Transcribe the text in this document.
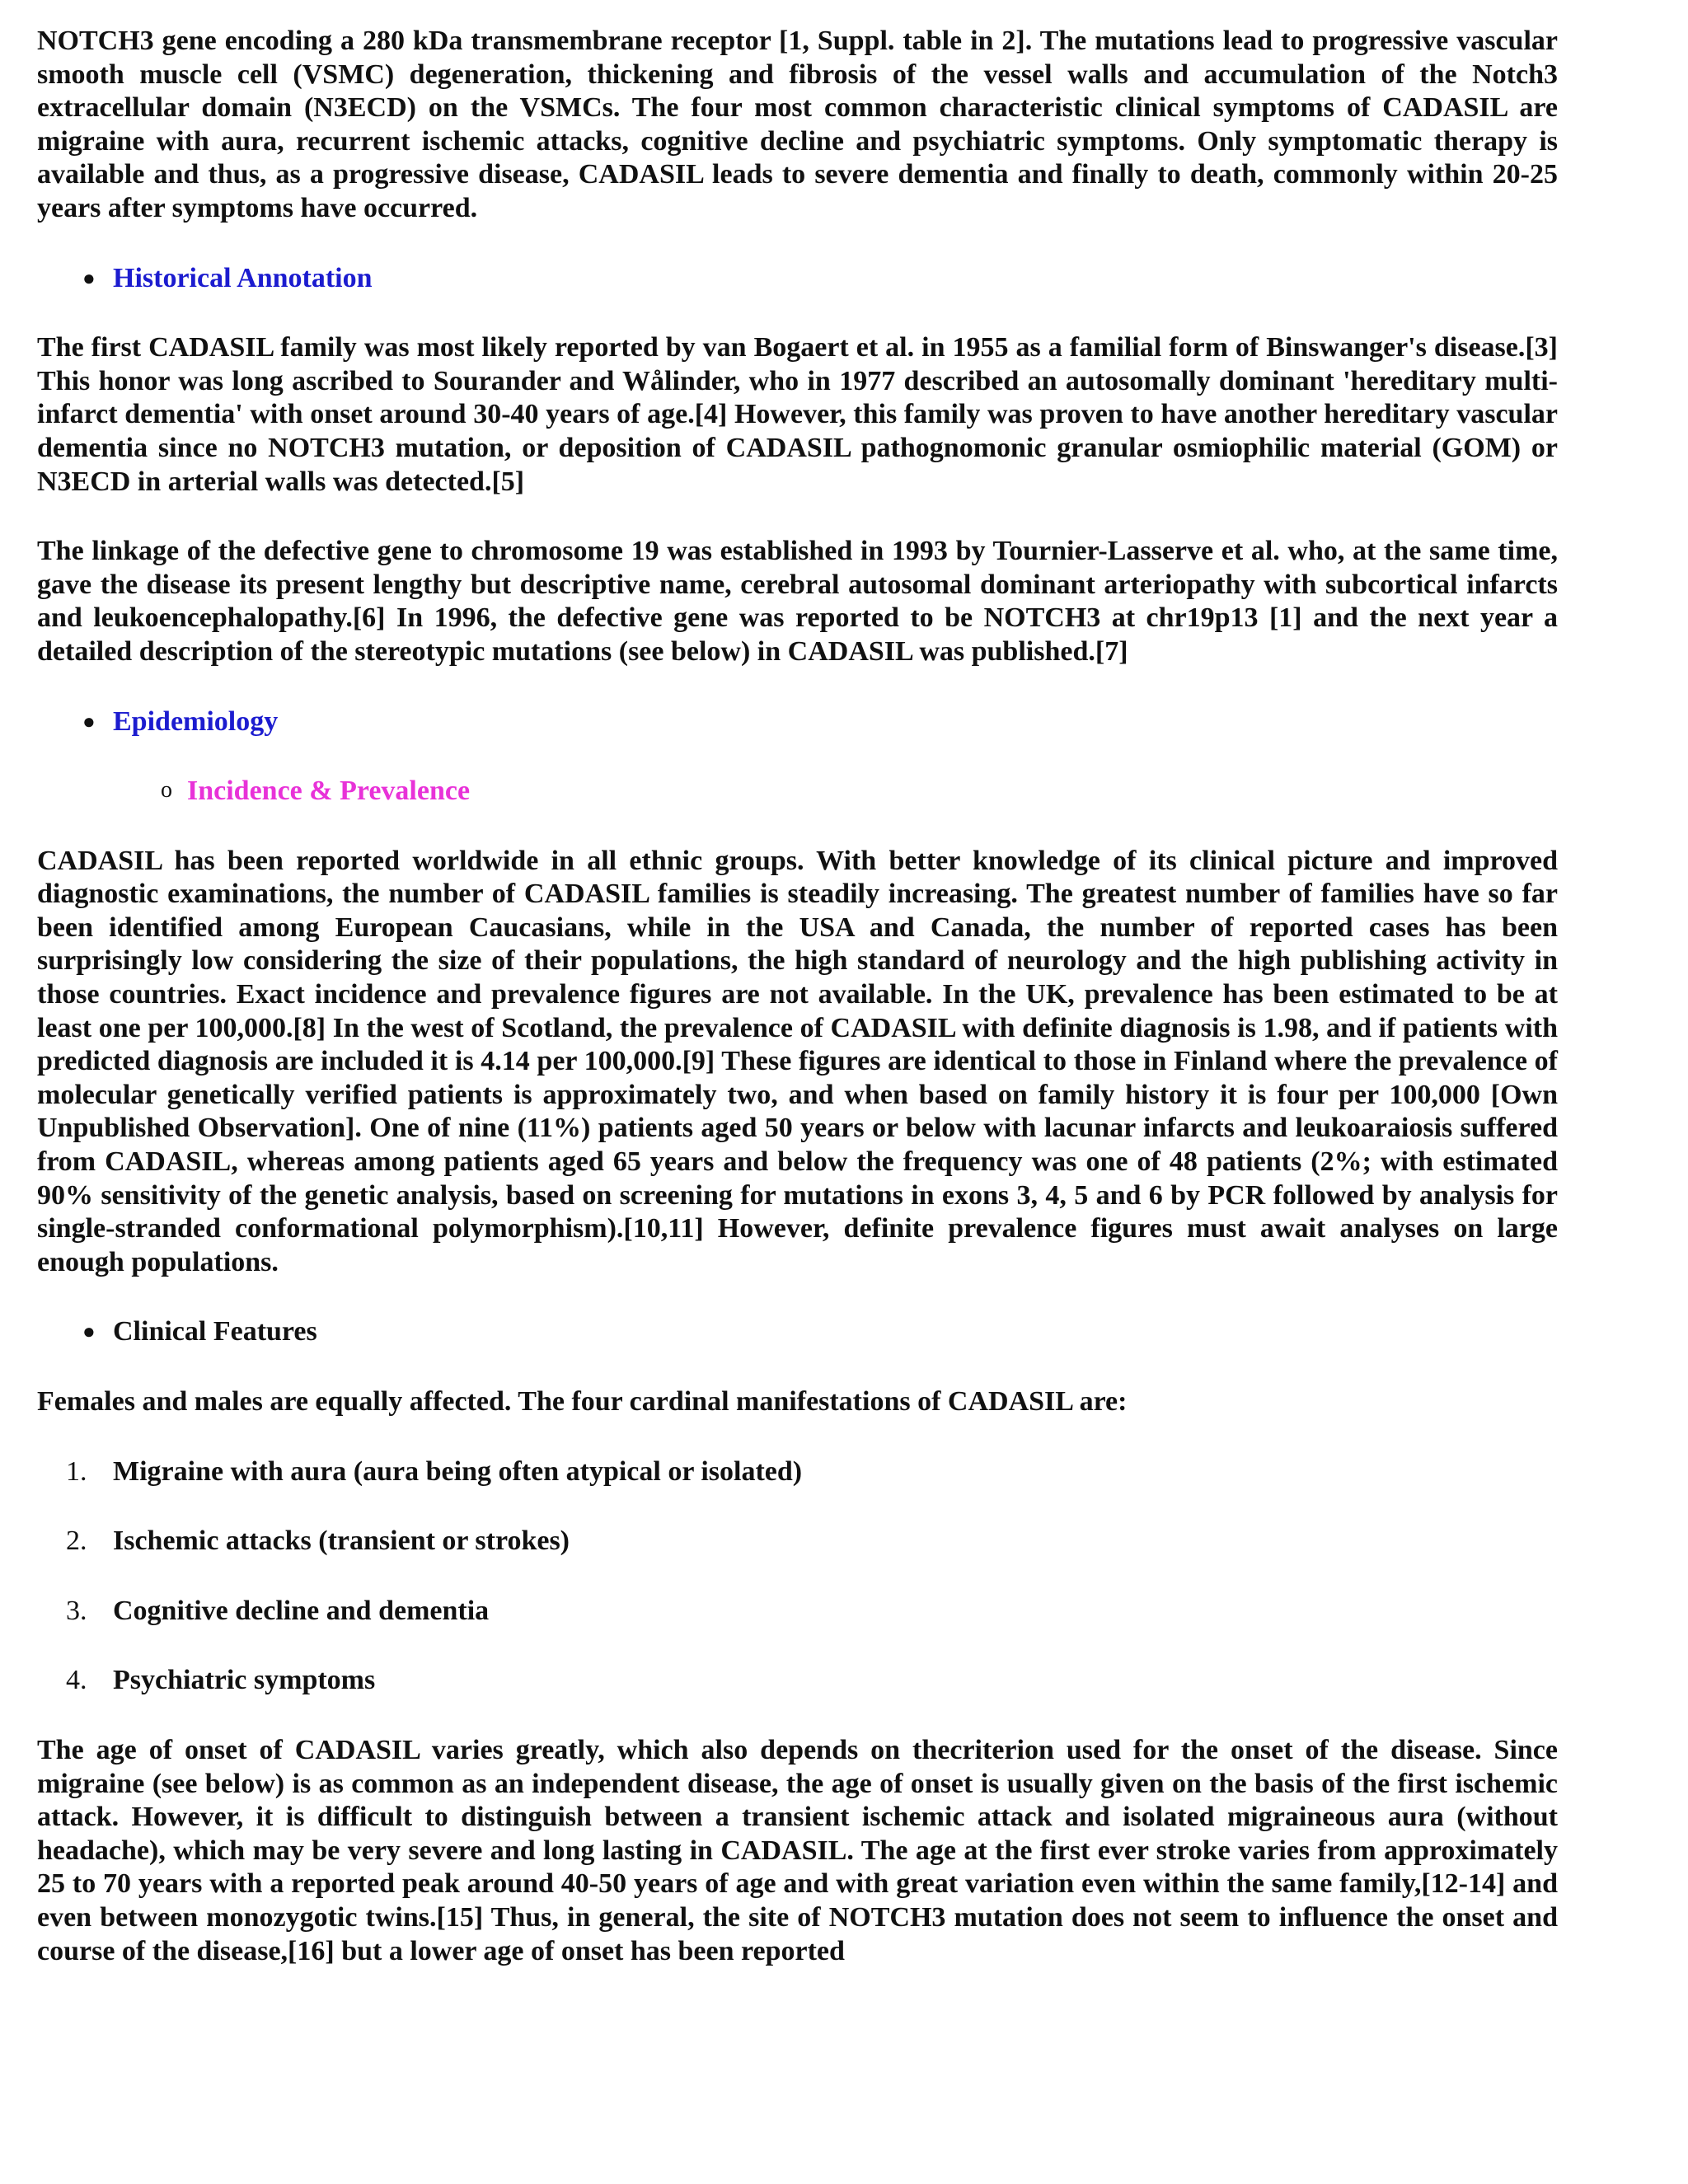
NOTCH3 gene encoding a 280 kDa transmembrane receptor [1, Suppl. table in 2]. The mutations lead to progressive vascular smooth muscle cell (VSMC) degeneration, thickening and fibrosis of the vessel walls and accumulation of the Notch3 extracellular domain (N3ECD) on the VSMCs. The four most common characteristic clinical symptoms of CADASIL are migraine with aura, recurrent ischemic attacks, cognitive decline and psychiatric symptoms. Only symptomatic therapy is available and thus, as a progressive disease, CADASIL leads to severe dementia and finally to death, commonly within 20-25 years after symptoms have occurred.

● Historical Annotation

The first CADASIL family was most likely reported by van Bogaert et al. in 1955 as a familial form of Binswanger's disease.[3] This honor was long ascribed to Sourander and Wålinder, who in 1977 described an autosomally dominant 'hereditary multi-infarct dementia' with onset around 30-40 years of age.[4] However, this family was proven to have another hereditary vascular dementia since no NOTCH3 mutation, or deposition of CADASIL pathognomonic granular osmiophilic material (GOM) or N3ECD in arterial walls was detected.[5]

The linkage of the defective gene to chromosome 19 was established in 1993 by Tournier-Lasserve et al. who, at the same time, gave the disease its present lengthy but descriptive name, cerebral autosomal dominant arteriopathy with subcortical infarcts and leukoencephalopathy.[6] In 1996, the defective gene was reported to be NOTCH3 at chr19p13 [1] and the next year a detailed description of the stereotypic mutations (see below) in CADASIL was published.[7]

● Epidemiology
o Incidence & Prevalence

CADASIL has been reported worldwide in all ethnic groups. With better knowledge of its clinical picture and improved diagnostic examinations, the number of CADASIL families is steadily increasing. The greatest number of families have so far been identified among European Caucasians, while in the USA and Canada, the number of reported cases has been surprisingly low considering the size of their populations, the high standard of neurology and the high publishing activity in those countries. Exact incidence and prevalence figures are not available. In the UK, prevalence has been estimated to be at least one per 100,000.[8] In the west of Scotland, the prevalence of CADASIL with definite diagnosis is 1.98, and if patients with predicted diagnosis are included it is 4.14 per 100,000.[9] These figures are identical to those in Finland where the prevalence of molecular genetically verified patients is approximately two, and when based on family history it is four per 100,000 [Own Unpublished Observation]. One of nine (11%) patients aged 50 years or below with lacunar infarcts and leukoaraiosis suffered from CADASIL, whereas among patients aged 65 years and below the frequency was one of 48 patients (2%; with estimated 90% sensitivity of the genetic analysis, based on screening for mutations in exons 3, 4, 5 and 6 by PCR followed by analysis for single-stranded conformational polymorphism).[10,11] However, definite prevalence figures must await analyses on large enough populations.

● Clinical Features

Females and males are equally affected. The four cardinal manifestations of CADASIL are:

1. Migraine with aura (aura being often atypical or isolated)
2. Ischemic attacks (transient or strokes)
3. Cognitive decline and dementia
4. Psychiatric symptoms

The age of onset of CADASIL varies greatly, which also depends on thecriterion used for the onset of the disease. Since migraine (see below) is as common as an independent disease, the age of onset is usually given on the basis of the first ischemic attack. However, it is difficult to distinguish between a transient ischemic attack and isolated migraineous aura (without headache), which may be very severe and long lasting in CADASIL. The age at the first ever stroke varies from approximately 25 to 70 years with a reported peak around 40-50 years of age and with great variation even within the same family,[12-14] and even between monozygotic twins.[15] Thus, in general, the site of NOTCH3 mutation does not seem to influence the onset and course of the disease,[16] but a lower age of onset has been reported
